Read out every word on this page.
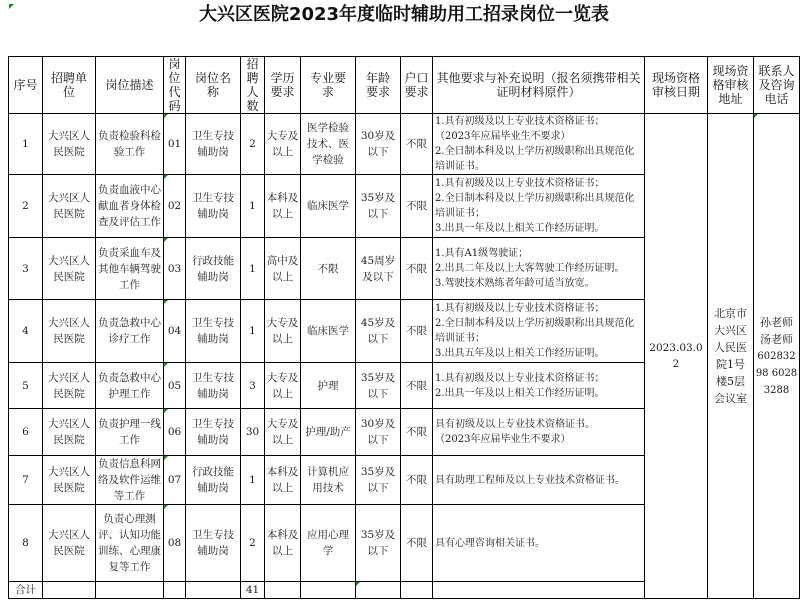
大兴区医院2023年度临时辅助用工招录岗位一览表
序号	招聘单位	岗位描述	岗位代码	岗位名称	招聘人数	学历要求	专业要求	年龄要求	户口要求	其他要求与补充说明（报名须携带相关证明材料原件）	现场资格审核日期	现场资格审核地址	联系人及咨询电话
1	大兴区人民医院	负责检验科检验工作	01	卫生专技辅助岗	2	大专及以上	医学检验技术、医学检验	30岁及以下	不限	1.具有初级及以上专业技术资格证书；
（2023年应届毕业生不要求）
2.全日制本科及以上学历初级职称出具规范化培训证书。	2023.03.02	北京市大兴区人民医院1号楼5层会议室	孙老师 汤老师
60283298 60283288

2	大兴区人民医院	负责血液中心献血者身体检查及评估工作	02	卫生专技辅助岗	1	本科及以上	临床医学	35岁及以下	不限	1.具有初级及以上专业技术资格证书；
2.全日制本科及以上学历初级职称出具规范化培训证书；
3.出具一年及以上相关工作经历证明。			

3	大兴区人民医院	负责采血车及其他车辆驾驶工作	03	行政技能辅助岗	1	高中及以上	不限	45周岁及以下	不限	1.具有A1级驾驶证；
2.出具二年及以上大客驾驶工作经历证明。
3.驾驶技术熟练者年龄可适当放宽。			

4	大兴区人民医院	负责急救中心诊疗工作	04	卫生专技辅助岗	1	大专及以上	临床医学	45岁及以下	不限	1.具有初级及以上专业技术资格证书；
2.全日制本科及以上学历初级职称出具规范化培训证书；
3.出具五年及以上相关工作经历证明。			

5	大兴区人民医院	负责急救中心护理工作	05	卫生专技辅助岗	3	大专及以上	护理	35岁及以下	不限	1.具有初级及以上专业技术资格证书；
2.出具一年及以上相关工作经历证明。			

6	大兴区人民医院	负责护理一线工作	06	卫生专技辅助岗	30	大专及以上	护理/助产	30岁及以下	不限	具有初级及以上专业技术资格证书。
（2023年应届毕业生不要求）			

7	大兴区人民医院	负责信息科网络及软件运维等工作	07	行政技能辅助岗	1	本科及以上	计算机应用技术	35岁及以下	不限	具有助理工程师及以上专业技术资格证书。			

8	大兴区人民医院	负责心理测评、认知功能训练、心理康复等工作	08	卫生专技辅助岗	2	本科及以上	应用心理学	35岁及以下	不限	具有心理咨询相关证书。			

合计					41						
